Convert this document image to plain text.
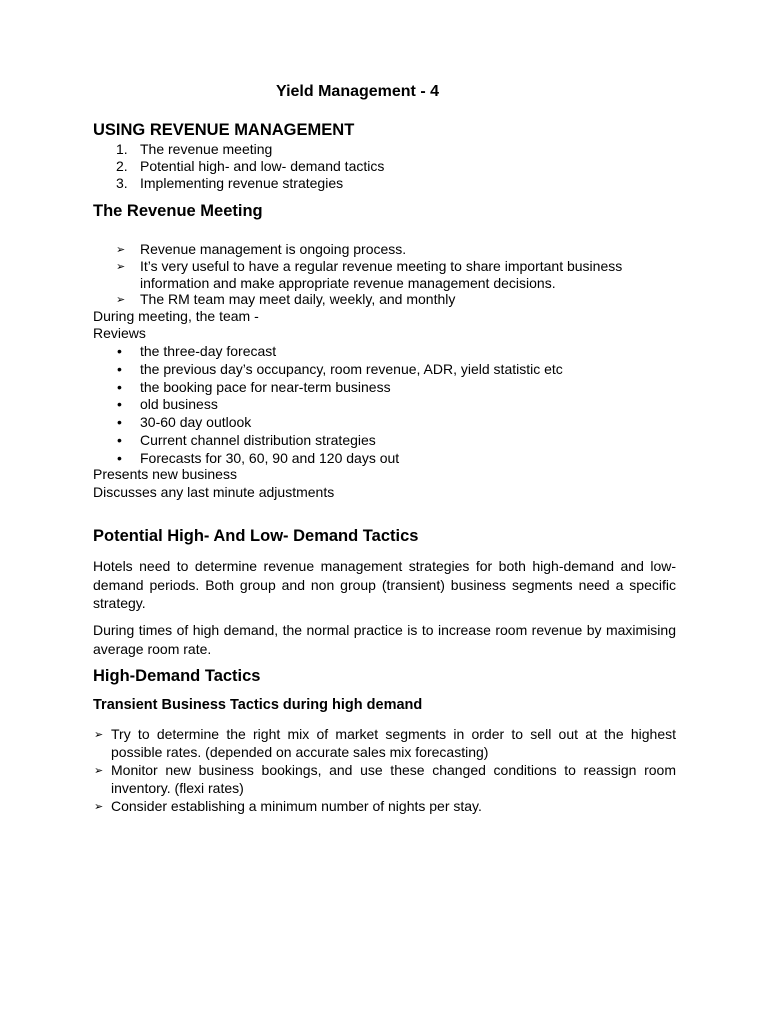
Yield Management - 4
USING REVENUE MANAGEMENT
1. The revenue meeting
2. Potential high- and low- demand tactics
3. Implementing revenue strategies
The Revenue Meeting
➢ Revenue management is ongoing process.
➢ It’s very useful to have a regular revenue meeting to share important business
information and make appropriate revenue management decisions.
➢ The RM team may meet daily, weekly, and monthly
During meeting, the team -
Reviews
• the three-day forecast
• the previous day’s occupancy, room revenue, ADR, yield statistic etc
• the booking pace for near-term business
• old business
• 30-60 day outlook
• Current channel distribution strategies
• Forecasts for 30, 60, 90 and 120 days out
Presents new business
Discusses any last minute adjustments
Potential High- And Low- Demand Tactics
Hotels need to determine revenue management strategies for both high-demand and low-demand periods. Both group and non group (transient) business segments need a specific strategy.
During times of high demand, the normal practice is to increase room revenue by maximising average room rate.
High-Demand Tactics
Transient Business Tactics during high demand
➢ Try to determine the right mix of market segments in order to sell out at the highest possible rates. (depended on accurate sales mix forecasting)
➢ Monitor new business bookings, and use these changed conditions to reassign room inventory. (flexi rates)
➢ Consider establishing a minimum number of nights per stay.
